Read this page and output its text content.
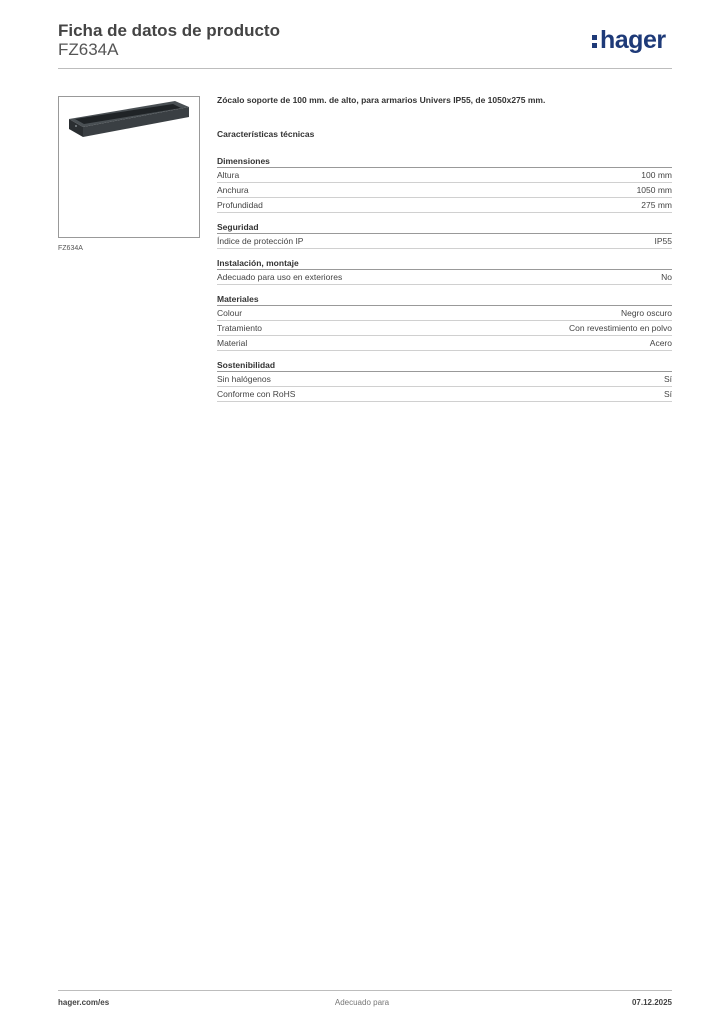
Ficha de datos de producto
FZ634A	hager
FZ634A
Zócalo soporte de 100 mm. de alto, para armarios Univers IP55, de 1050x275 mm.
Características técnicas
Dimensiones
Altura	100 mm
Anchura	1050 mm
Profundidad	275 mm
Seguridad
Índice de protección IP	IP55
Instalación, montaje
Adecuado para uso en exteriores	No
Materiales
Colour	Negro oscuro
Tratamiento	Con revestimiento en polvo
Material	Acero
Sostenibilidad
Sin halógenos	Sí
Conforme con RoHS	Sí
hager.com/es	Adecuado para	07.12.2025
